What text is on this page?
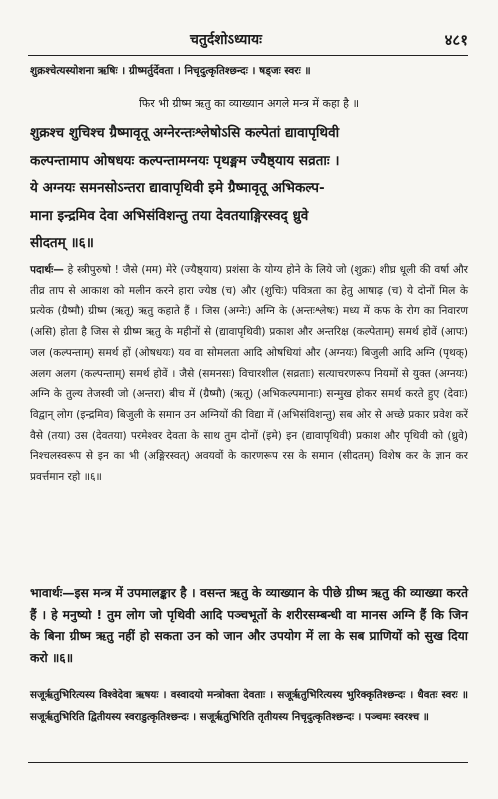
चतुर्दशोऽध्यायः	४८१
शुक्रश्चेत्यस्योशना ऋषिः । ग्रीष्मर्तुर्देवता । निचृदुत्कृतिश्छन्दः । षड्जः स्वरः ॥
फिर भी ग्रीष्म ऋतु का व्याख्यान अगले मन्त्र में कहा है ॥
शुक्रश्च शुचिश्च ग्रैष्मावृतू अग्नेरन्तःश्लेषोऽसि कल्पेतां द्यावापृथिवी
कल्पन्तामाप ओषधयः कल्पन्तामग्नयः पृथङ्मम ज्यैष्ठ्याय सव्रताः ।
ये अग्नयः समनसोऽन्तरा द्यावापृथिवी इमे ग्रैष्मावृतू अभिकल्प-
माना इन्द्रमिव देवा अभिसंविशन्तु तया देवतयाङ्गिरस्वद् ध्रुवे
सीदतम् ॥६॥

पदार्थः— हे स्त्रीपुरुषो ! जैसे (मम) मेरे (ज्यैष्ठ्याय) प्रशंसा के योग्य होने के लिये जो (शुक्रः) शीघ्र धूली की वर्षा और तीव्र ताप से आकाश को मलीन करने हारा ज्येष्ठ (च) और (शुचिः) पवित्रता का हेतु आषाढ़ (च) ये दोनों मिल के प्रत्येक (ग्रैष्मौ) ग्रीष्म (ऋतू) ऋतु कहाते हैं । जिस (अग्नेः) अग्नि के (अन्तःश्लेषः) मध्य में कफ के रोग का निवारण (असि) होता है जिस से ग्रीष्म ऋतु के महीनों से (द्यावापृथिवी) प्रकाश और अन्तरिक्ष (कल्पेताम्) समर्थ होवें (आपः) जल (कल्पन्ताम्) समर्थ हों (ओषधयः) यव वा सोमलता आदि ओषधियां और (अग्नयः) बिजुली आदि अग्नि (पृथक्) अलग अलग (कल्पन्ताम्) समर्थ होवें । जैसे (समनसः) विचारशील (सव्रताः) सत्याचरणरूप नियमों से युक्त (अग्नयः) अग्नि के तुल्य तेजस्वी जो (अन्तरा) बीच में (ग्रैष्मौ) (ऋतू) (अभिकल्पमानाः) सन्मुख होकर समर्थ करते हुए (देवाः) विद्वान् लोग (इन्द्रमिव) बिजुली के समान उन अग्नियों की विद्या में (अभिसंविशन्तु) सब ओर से अच्छे प्रकार प्रवेश करें वैसे (तया) उस (देवतया) परमेश्वर देवता के साथ तुम दोनों (इमे) इन (द्यावापृथिवी) प्रकाश और पृथिवी को (ध्रुवे) निश्चलस्वरूप से इन का भी (अङ्गिरस्वत्) अवयवों के कारणरूप रस के समान (सीदतम्) विशेष कर के ज्ञान कर प्रवर्त्तमान रहो ॥६॥

भावार्थः—इस मन्त्र में उपमालङ्कार है । वसन्त ऋतु के व्याख्यान के पीछे ग्रीष्म ऋतु की व्याख्या करते हैं । हे मनुष्यो ! तुम लोग जो पृथिवी आदि पञ्चभूतों के शरीरसम्बन्धी वा मानस अग्नि हैं कि जिन के बिना ग्रीष्म ऋतु नहीं हो सकता उन को जान और उपयोग में ला के सब प्राणियों को सुख दिया करो ॥६॥

सजूर्ऋतुभिरित्यस्य विश्वेदेवा ऋषयः । वस्वादयो मन्त्रोक्ता देवताः । सजूर्ऋतुभिरित्यस्य भुरिक्कृतिश्छन्दः । धैवतः स्वरः ॥ सजूर्ऋतुभिरिति द्वितीयस्य स्वराडुत्कृतिश्छन्दः । सजूर्ऋतुभिरिति तृतीयस्य निचृदुत्कृतिश्छन्दः । पञ्चमः स्वरश्च ॥
